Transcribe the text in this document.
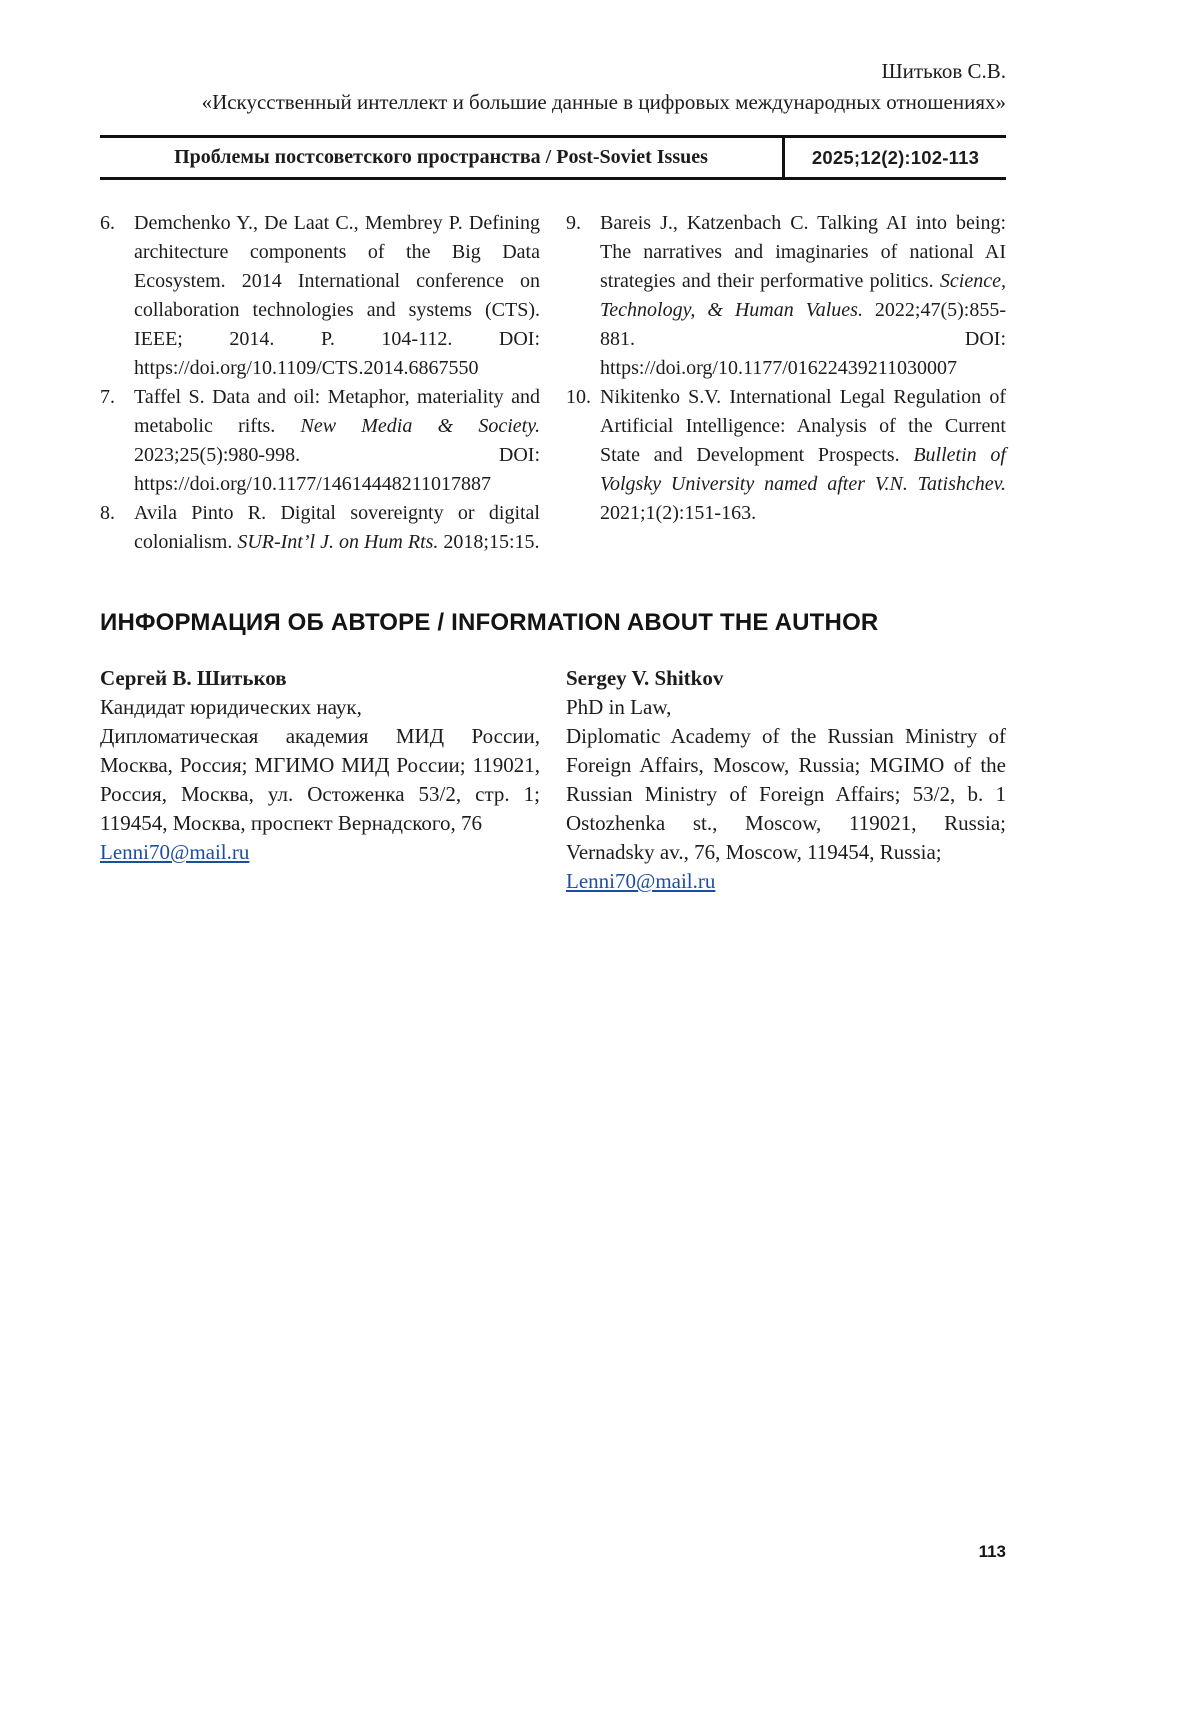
Шитьков С.В.
«Искусственный интеллект и большие данные в цифровых международных отношениях»
Проблемы постсоветского пространства / Post-Soviet Issues	2025;12(2):102-113
6. Demchenko Y., De Laat C., Membrey P. Defining architecture components of the Big Data Ecosystem. 2014 International conference on collaboration technologies and systems (CTS). IEEE; 2014. P. 104-112. DOI: https://doi.org/10.1109/CTS.2014.6867550
7. Taffel S. Data and oil: Metaphor, materiality and metabolic rifts. New Media & Society. 2023;25(5):980-998. DOI: https://doi.org/10.1177/14614448211017887
8. Avila Pinto R. Digital sovereignty or digital colonialism. SUR-Int’l J. on Hum Rts. 2018;15:15.
9. Bareis J., Katzenbach C. Talking AI into being: The narratives and imaginaries of national AI strategies and their performative politics. Science, Technology, & Human Values. 2022;47(5):855-881. DOI: https://doi.org/10.1177/01622439211030007
10. Nikitenko S.V. International Legal Regulation of Artificial Intelligence: Analysis of the Current State and Development Prospects. Bulletin of Volgsky University named after V.N. Tatishchev. 2021;1(2):151-163.
ИНФОРМАЦИЯ ОБ АВТОРЕ / INFORMATION ABOUT THE AUTHOR

Сергей В. Шитьков

Кандидат юридических наук,

Дипломатическая академия МИД России, Москва, Россия; МГИМО МИД России; 119021, Россия, Москва, ул. Остоженка 53/2, стр. 1; 119454, Москва, проспект Вернадского, 76

Lenni70@mail.ru

Sergey V. Shitkov

PhD in Law,

Diplomatic Academy of the Russian Ministry of Foreign Affairs, Moscow, Russia; MGIMO of the Russian Ministry of Foreign Affairs; 53/2, b. 1 Ostozhenka st., Moscow, 119021, Russia; Vernadsky av., 76, Moscow, 119454, Russia;

Lenni70@mail.ru

113
